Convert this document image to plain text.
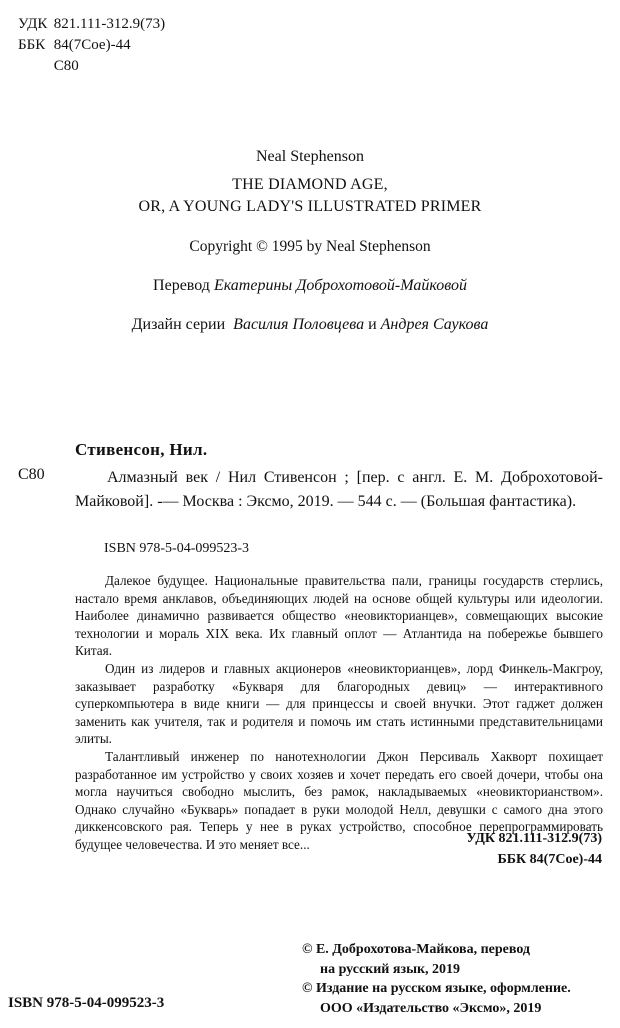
УДК 821.111-312.9(73)
ББК 84(7Сое)-44
С80
Neal Stephenson
THE DIAMOND AGE,
OR, A YOUNG LADY'S ILLUSTRATED PRIMER
Copyright © 1995 by Neal Stephenson
Перевод Екатерины Доброхотовой-Майковой
Дизайн серии Василия Половцева и Андрея Саукова
Стивенсон, Нил.
С80	Алмазный век / Нил Стивенсон ; [пер. с англ. Е. М. Доброхотовой-Майковой]. -— Москва : Эксмо, 2019. — 544 с. — (Большая фантастика).
ISBN 978-5-04-099523-3

Далекое будущее. Национальные правительства пали, границы государств стерлись, настало время анклавов, объединяющих людей на основе общей культуры или идеологии. Наиболее динамично развивается общество «неовикторианцев», совмещающих высокие технологии и мораль XIX века. Их главный оплот — Атлантида на побережье бывшего Китая.

Один из лидеров и главных акционеров «неовикторианцев», лорд Финкель-Макгроу, заказывает разработку «Букваря для благородных девиц» — интерактивного суперкомпьютера в виде книги — для принцессы и своей внучки. Этот гаджет должен заменить как учителя, так и родителя и помочь им стать истинными представительницами элиты.

Талантливый инженер по нанотехнологии Джон Персиваль Хакворт похищает разработанное им устройство у своих хозяев и хочет передать его своей дочери, чтобы она могла научиться свободно мыслить, без рамок, накладываемых «неовикторианством». Однако случайно «Букварь» попадает в руки молодой Нелл, девушки с самого дна этого диккенсовского рая. Теперь у нее в руках устройство, способное перепрограммировать будущее человечества. И это меняет все...	УДК 821.111-312.9(73)
ББК 84(7Сое)-44
© Е. Доброхотова-Майкова, перевод
на русский язык, 2019
© Издание на русском языке, оформление.
ООО «Издательство «Эксмо», 2019
ISBN 978-5-04-099523-3
